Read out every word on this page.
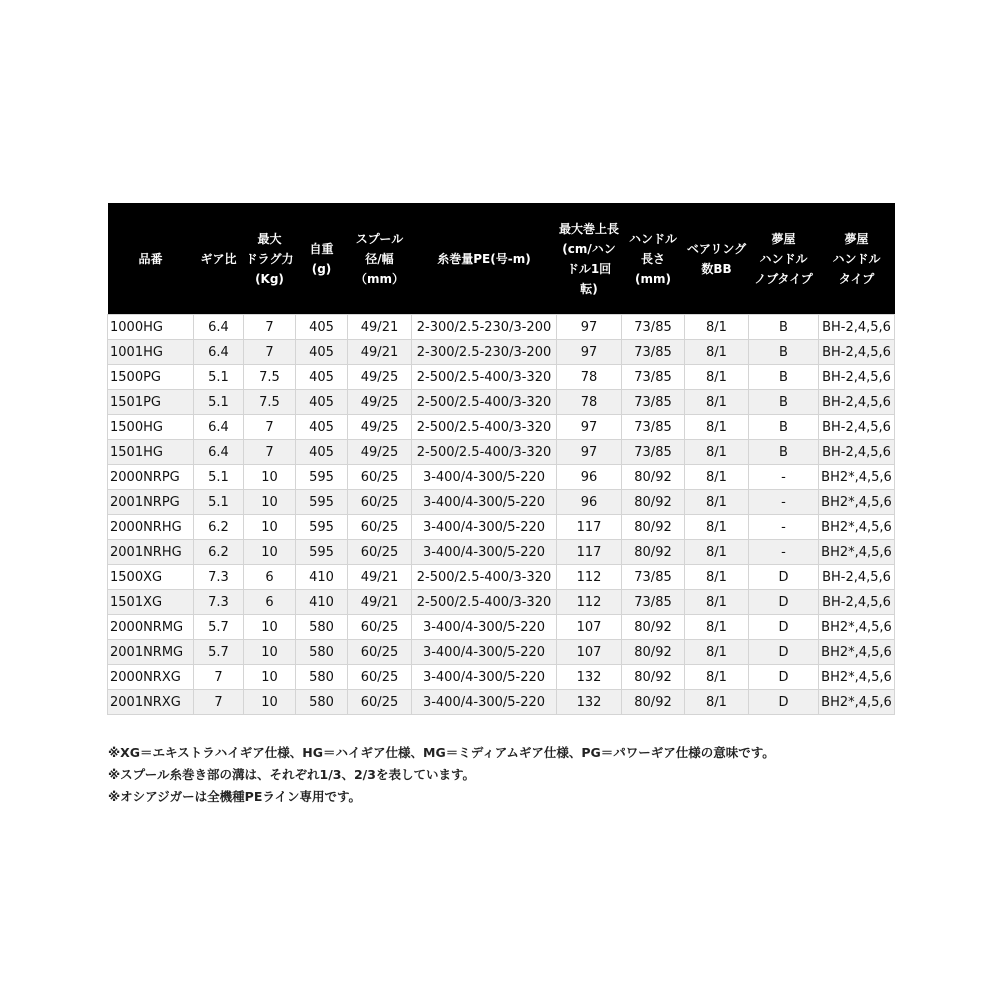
品番	ギア比	最大
ドラグ力
(Kg)	自重
(g)	スプール
径/幅
（mm）	糸巻量PE(号-m)	最大巻上長
(cm/ハン
ドル1回転)	ハンドル
長さ
(mm)	ベアリング
数BB	夢屋
ハンドル
ノブタイプ	夢屋
ハンドル
タイプ

1000HG	6.4	7	405	49/21	2-300/2.5-230/3-200	97	73/85	8/1	B	BH-2,4,5,6
1001HG	6.4	7	405	49/21	2-300/2.5-230/3-200	97	73/85	8/1	B	BH-2,4,5,6
1500PG	5.1	7.5	405	49/25	2-500/2.5-400/3-320	78	73/85	8/1	B	BH-2,4,5,6
1501PG	5.1	7.5	405	49/25	2-500/2.5-400/3-320	78	73/85	8/1	B	BH-2,4,5,6
1500HG	6.4	7	405	49/25	2-500/2.5-400/3-320	97	73/85	8/1	B	BH-2,4,5,6
1501HG	6.4	7	405	49/25	2-500/2.5-400/3-320	97	73/85	8/1	B	BH-2,4,5,6
2000NRPG	5.1	10	595	60/25	3-400/4-300/5-220	96	80/92	8/1	-	BH2*,4,5,6
2001NRPG	5.1	10	595	60/25	3-400/4-300/5-220	96	80/92	8/1	-	BH2*,4,5,6
2000NRHG	6.2	10	595	60/25	3-400/4-300/5-220	117	80/92	8/1	-	BH2*,4,5,6
2001NRHG	6.2	10	595	60/25	3-400/4-300/5-220	117	80/92	8/1	-	BH2*,4,5,6
1500XG	7.3	6	410	49/21	2-500/2.5-400/3-320	112	73/85	8/1	D	BH-2,4,5,6
1501XG	7.3	6	410	49/21	2-500/2.5-400/3-320	112	73/85	8/1	D	BH-2,4,5,6
2000NRMG	5.7	10	580	60/25	3-400/4-300/5-220	107	80/92	8/1	D	BH2*,4,5,6
2001NRMG	5.7	10	580	60/25	3-400/4-300/5-220	107	80/92	8/1	D	BH2*,4,5,6
2000NRXG	7	10	580	60/25	3-400/4-300/5-220	132	80/92	8/1	D	BH2*,4,5,6
2001NRXG	7	10	580	60/25	3-400/4-300/5-220	132	80/92	8/1	D	BH2*,4,5,6
※XG＝エキストラハイギア仕様、HG＝ハイギア仕様、MG＝ミディアムギア仕様、PG＝パワーギア仕様の意味です。
※スプール糸巻き部の溝は、それぞれ1/3、2/3を表しています。
※オシアジガーは全機種PEライン専用です。
